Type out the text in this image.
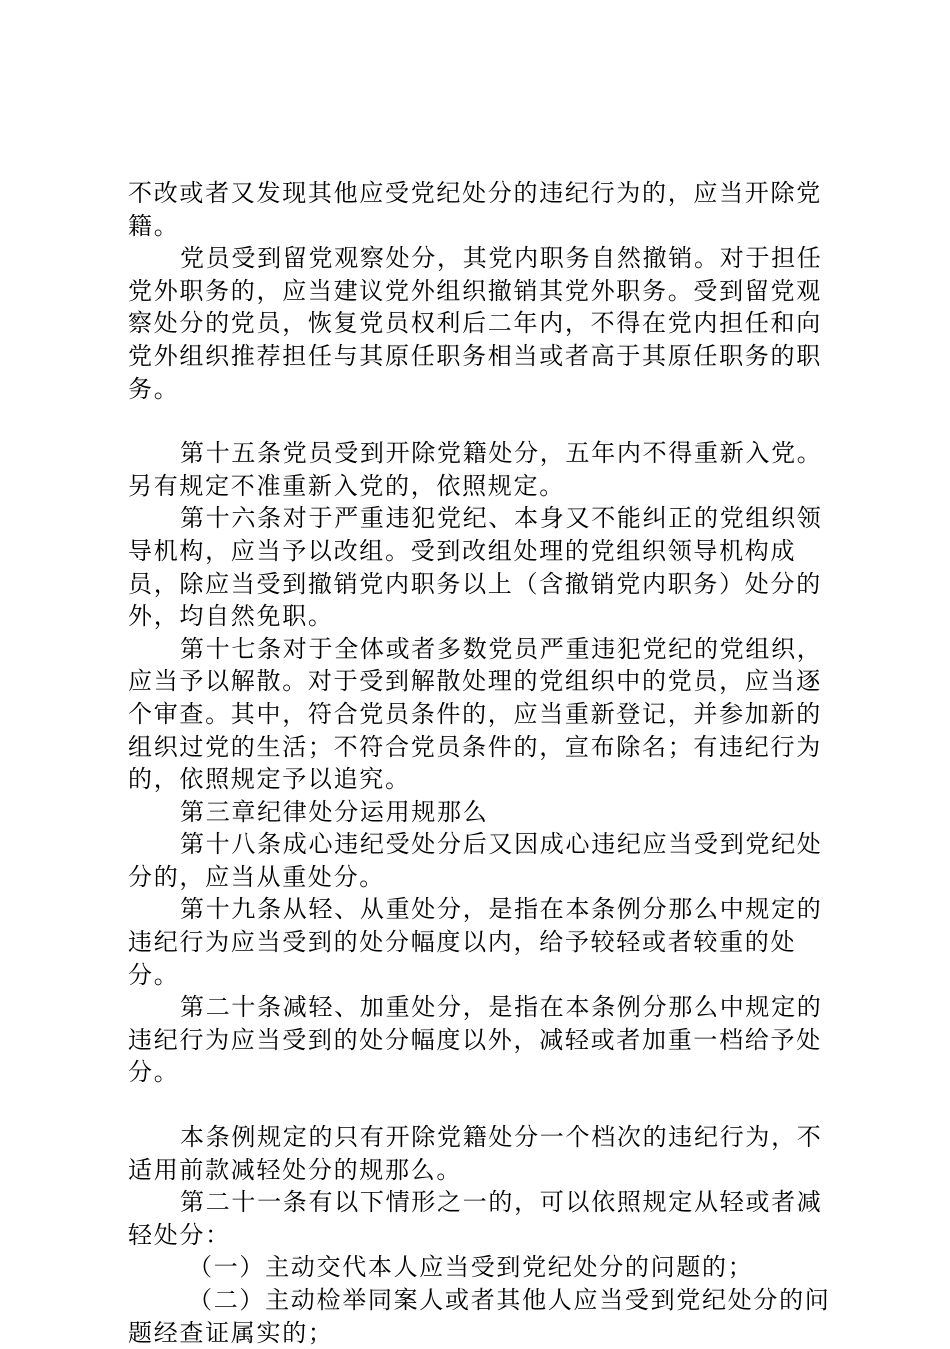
不改或者又发现其他应受党纪处分的违纪行为的，应当开除党籍。

党员受到留党观察处分，其党内职务自然撤销。对于担任党外职务的，应当建议党外组织撤销其党外职务。受到留党观察处分的党员，恢复党员权利后二年内，不得在党内担任和向党外组织推荐担任与其原任职务相当或者高于其原任职务的职务。

第十五条党员受到开除党籍处分，五年内不得重新入党。另有规定不准重新入党的，依照规定。

第十六条对于严重违犯党纪、本身又不能纠正的党组织领导机构，应当予以改组。受到改组处理的党组织领导机构成员，除应当受到撤销党内职务以上（含撤销党内职务）处分的外，均自然免职。

第十七条对于全体或者多数党员严重违犯党纪的党组织，应当予以解散。对于受到解散处理的党组织中的党员，应当逐个审查。其中，符合党员条件的，应当重新登记，并参加新的组织过党的生活；不符合党员条件的，宣布除名；有违纪行为的，依照规定予以追究。

第三章纪律处分运用规那么

第十八条成心违纪受处分后又因成心违纪应当受到党纪处分的，应当从重处分。

第十九条从轻、从重处分，是指在本条例分那么中规定的违纪行为应当受到的处分幅度以内，给予较轻或者较重的处分。

第二十条减轻、加重处分，是指在本条例分那么中规定的违纪行为应当受到的处分幅度以外，减轻或者加重一档给予处分。

本条例规定的只有开除党籍处分一个档次的违纪行为，不适用前款减轻处分的规那么。

第二十一条有以下情形之一的，可以依照规定从轻或者减轻处分：

（一）主动交代本人应当受到党纪处分的问题的；

（二）主动检举同案人或者其他人应当受到党纪处分的问题经查证属实的；
